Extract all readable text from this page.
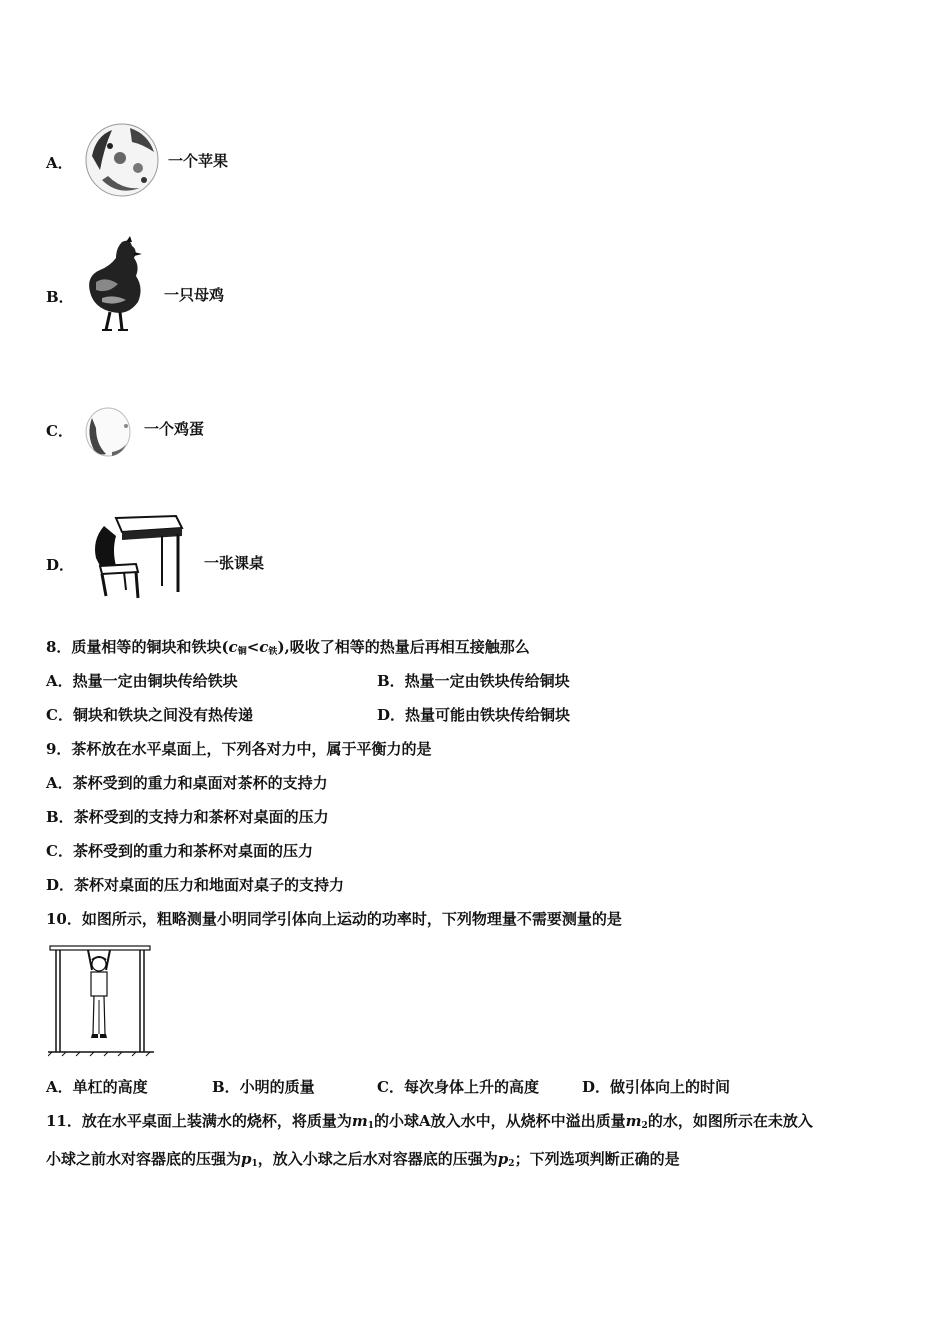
A．	一个苹果
B．	一只母鸡
C．	一个鸡蛋
D．	一张课桌
8．质量相等的铜块和铁块$(c_铜<c_铁)$,吸收了相等的热量后再相互接触那么
A．热量一定由铜块传给铁块	B．热量一定由铁块传给铜块
C．铜块和铁块之间没有热传递	D．热量可能由铁块传给铜块
9．茶杯放在水平桌面上，下列各对力中，属于平衡力的是
A．茶杯受到的重力和桌面对茶杯的支持力
B．茶杯受到的支持力和茶杯对桌面的压力
C．茶杯受到的重力和茶杯对桌面的压力
D．茶杯对桌面的压力和地面对桌子的支持力
10．如图所示，粗略测量小明同学引体向上运动的功率时，下列物理量不需要测量的是
A．单杠的高度	B．小明的质量	C．每次身体上升的高度	D．做引体向上的时间
11．放在水平桌面上装满水的烧杯，将质量为$m_1$的小球A放入水中，从烧杯中溢出质量$m_2$的水，如图所示在未放入
小球之前水对容器底的压强为$p_1$，放入小球之后水对容器底的压强为$p_2$；下列选项判断正确的是
